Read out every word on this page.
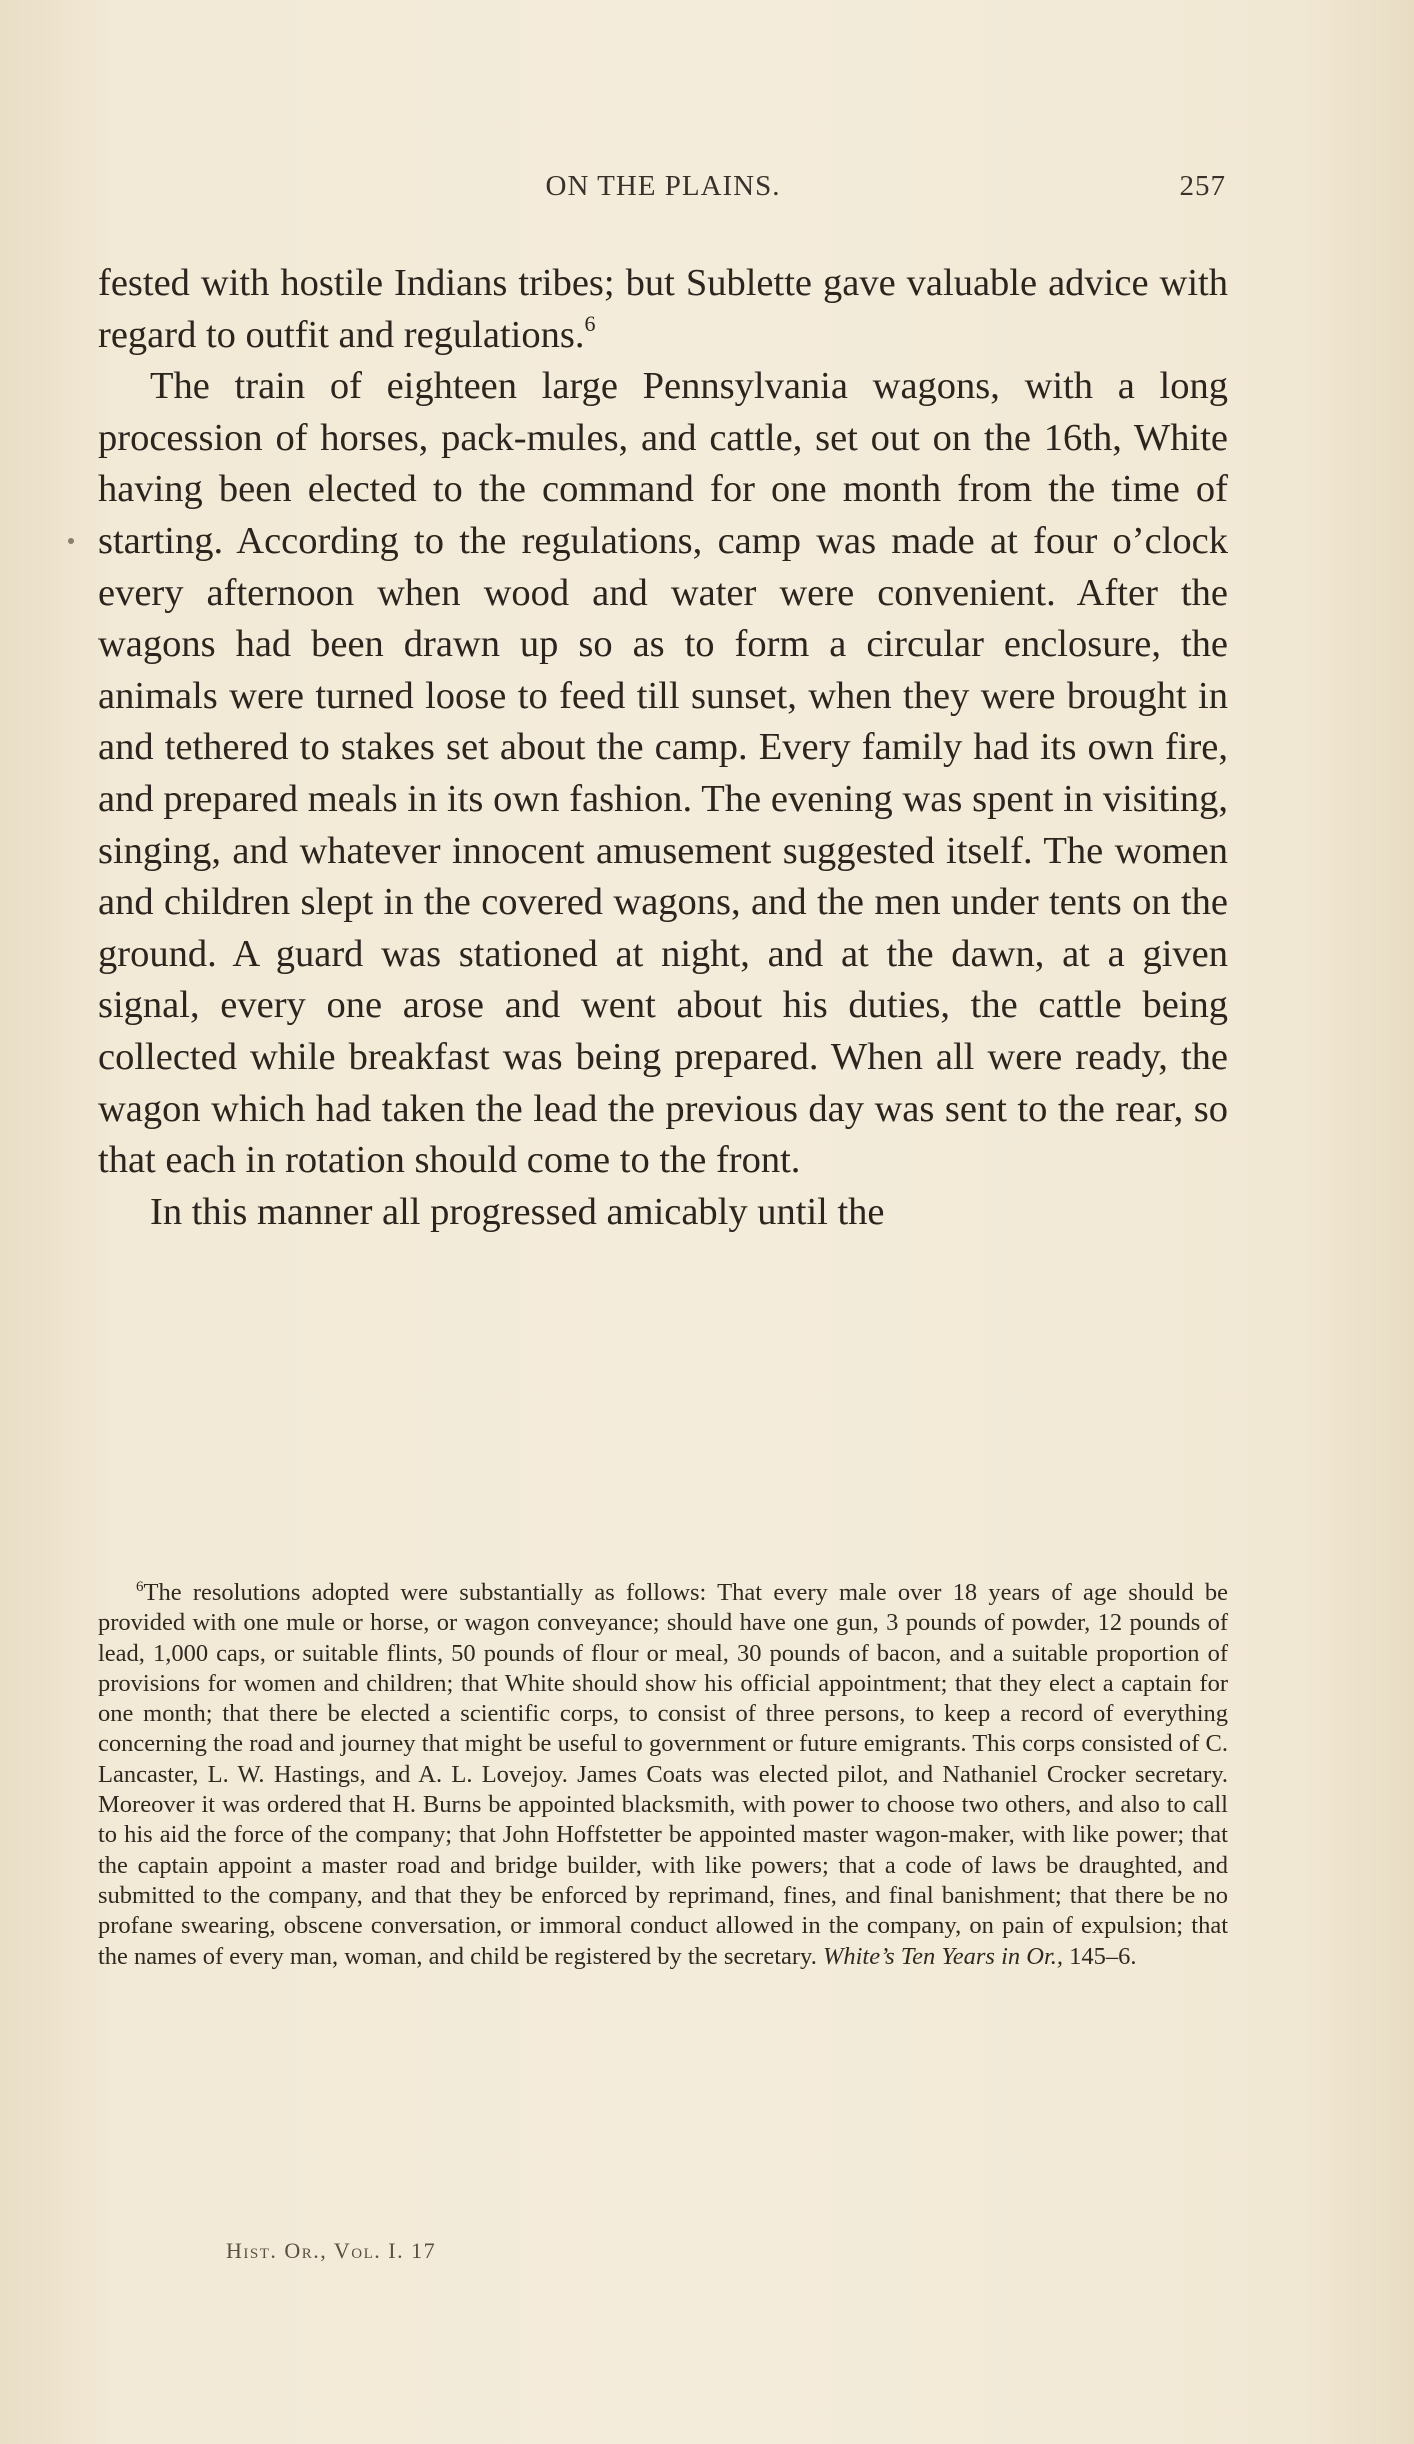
ON THE PLAINS.	257

fested with hostile Indians tribes; but Sublette gave valuable advice with regard to outfit and regulations.$^6$

The train of eighteen large Pennsylvania wagons, with a long procession of horses, pack-mules, and cattle, set out on the 16th, White having been elected to the command for one month from the time of starting. According to the regulations, camp was made at four o’clock every afternoon when wood and water were convenient. After the wagons had been drawn up so as to form a circular enclosure, the animals were turned loose to feed till sunset, when they were brought in and tethered to stakes set about the camp. Every family had its own fire, and prepared meals in its own fashion. The evening was spent in visiting, singing, and whatever innocent amusement suggested itself. The women and children slept in the covered wagons, and the men under tents on the ground. A guard was stationed at night, and at the dawn, at a given signal, every one arose and went about his duties, the cattle being collected while breakfast was being prepared. When all were ready, the wagon which had taken the lead the previous day was sent to the rear, so that each in rotation should come to the front.

In this manner all progressed amicably until the

$^6$The resolutions adopted were substantially as follows: That every male over 18 years of age should be provided with one mule or horse, or wagon conveyance; should have one gun, 3 pounds of powder, 12 pounds of lead, 1,000 caps, or suitable flints, 50 pounds of flour or meal, 30 pounds of bacon, and a suitable proportion of provisions for women and children; that White should show his official appointment; that they elect a captain for one month; that there be elected a scientific corps, to consist of three persons, to keep a record of everything concerning the road and journey that might be useful to government or future emigrants. This corps consisted of C. Lancaster, L. W. Hastings, and A. L. Lovejoy. James Coats was elected pilot, and Nathaniel Crocker secretary. Moreover it was ordered that H. Burns be appointed blacksmith, with power to choose two others, and also to call to his aid the force of the company; that John Hoffstetter be appointed master wagon-maker, with like power; that the captain appoint a master road and bridge builder, with like powers; that a code of laws be draughted, and submitted to the company, and that they be enforced by reprimand, fines, and final banishment; that there be no profane swearing, obscene conversation, or immoral conduct allowed in the company, on pain of expulsion; that the names of every man, woman, and child be registered by the secretary. White’s Ten Years in Or., 145–6.

Hist. Or., Vol. I. 17
